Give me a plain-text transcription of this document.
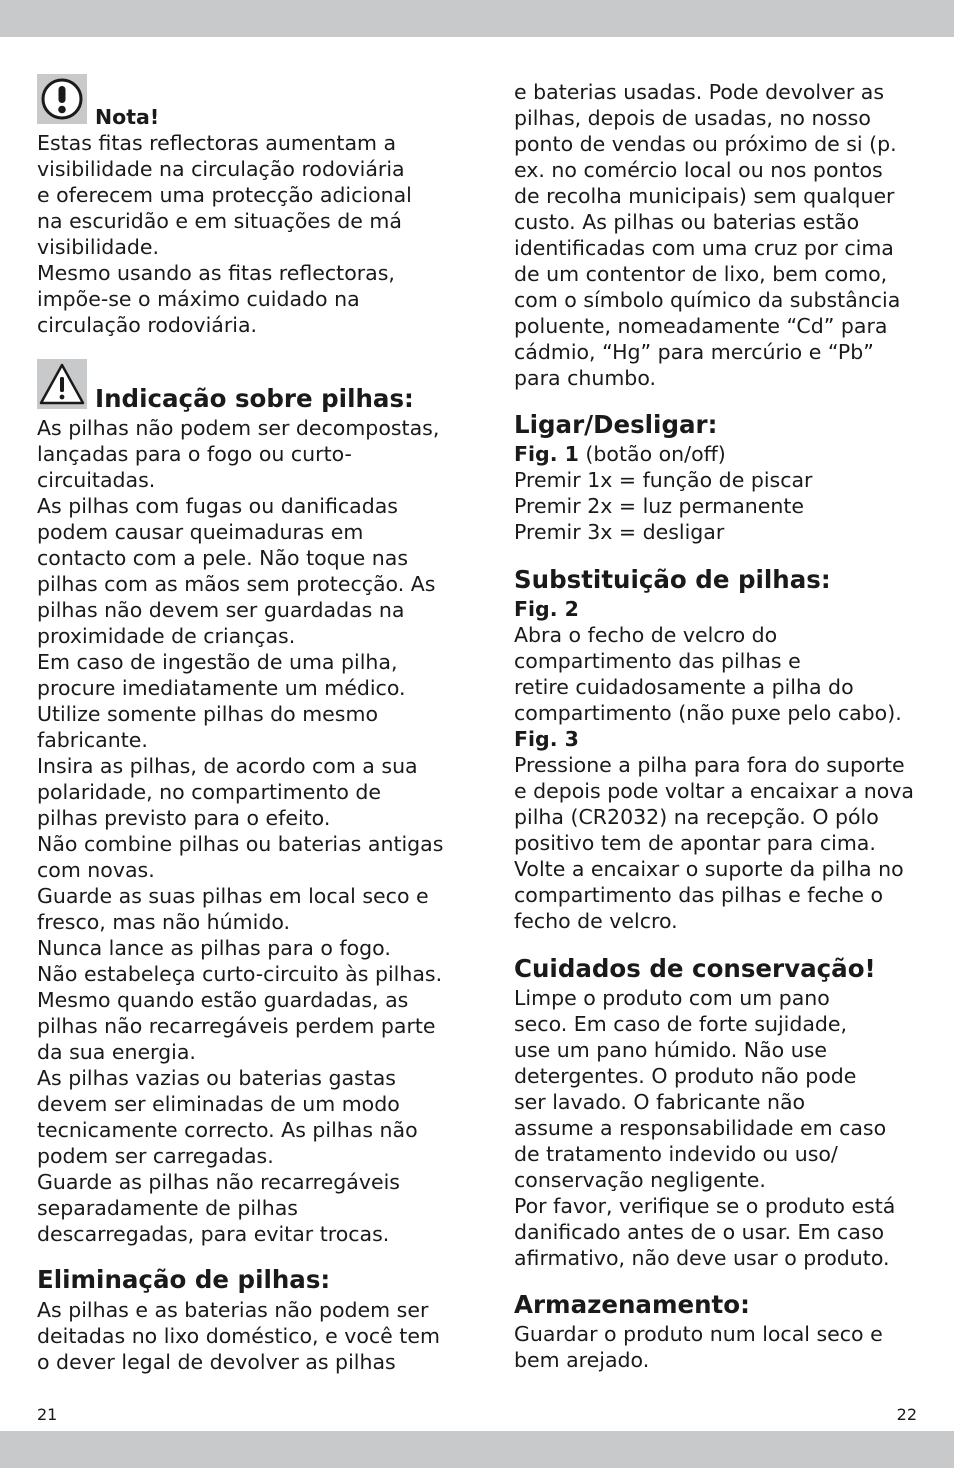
Nota!
Estas fitas reflectoras aumentam a
visibilidade na circulação rodoviária
e oferecem uma protecção adicional
na escuridão e em situações de má
visibilidade.
Mesmo usando as fitas reflectoras,
impõe-se o máximo cuidado na
circulação rodoviária.
Indicação sobre pilhas:
As pilhas não podem ser decompostas,
lançadas para o fogo ou curto-
circuitadas.
As pilhas com fugas ou danificadas
podem causar queimaduras em
contacto com a pele. Não toque nas
pilhas com as mãos sem protecção. As
pilhas não devem ser guardadas na
proximidade de crianças.
Em caso de ingestão de uma pilha,
procure imediatamente um médico.
Utilize somente pilhas do mesmo
fabricante.
Insira as pilhas, de acordo com a sua
polaridade, no compartimento de
pilhas previsto para o efeito.
Não combine pilhas ou baterias antigas
com novas.
Guarde as suas pilhas em local seco e
fresco, mas não húmido.
Nunca lance as pilhas para o fogo.
Não estabeleça curto-circuito às pilhas.
Mesmo quando estão guardadas, as
pilhas não recarregáveis perdem parte
da sua energia.
As pilhas vazias ou baterias gastas
devem ser eliminadas de um modo
tecnicamente correcto. As pilhas não
podem ser carregadas.
Guarde as pilhas não recarregáveis
separadamente de pilhas
descarregadas, para evitar trocas.
Eliminação de pilhas:
As pilhas e as baterias não podem ser
deitadas no lixo doméstico, e você tem
o dever legal de devolver as pilhas
21
e baterias usadas. Pode devolver as
pilhas, depois de usadas, no nosso
ponto de vendas ou próximo de si (p.
ex. no comércio local ou nos pontos
de recolha municipais) sem qualquer
custo. As pilhas ou baterias estão
identificadas com uma cruz por cima
de um contentor de lixo, bem como,
com o símbolo químico da substância
poluente, nomeadamente “Cd” para
cádmio, “Hg” para mercúrio e “Pb”
para chumbo.
Ligar/Desligar:
Fig. 1 (botão on/off)
Premir 1x = função de piscar
Premir 2x = luz permanente
Premir 3x = desligar
Substituição de pilhas:
Fig. 2
Abra o fecho de velcro do
compartimento das pilhas e
retire cuidadosamente a pilha do
compartimento (não puxe pelo cabo).
Fig. 3
Pressione a pilha para fora do suporte
e depois pode voltar a encaixar a nova
pilha (CR2032) na recepção. O pólo
positivo tem de apontar para cima.
Volte a encaixar o suporte da pilha no
compartimento das pilhas e feche o
fecho de velcro.
Cuidados de conservação!
Limpe o produto com um pano
seco. Em caso de forte sujidade,
use um pano húmido. Não use
detergentes. O produto não pode
ser lavado. O fabricante não
assume a responsabilidade em caso
de tratamento indevido ou uso/
conservação negligente.
Por favor, verifique se o produto está
danificado antes de o usar. Em caso
afirmativo, não deve usar o produto.
Armazenamento:
Guardar o produto num local seco e
bem arejado.
22
